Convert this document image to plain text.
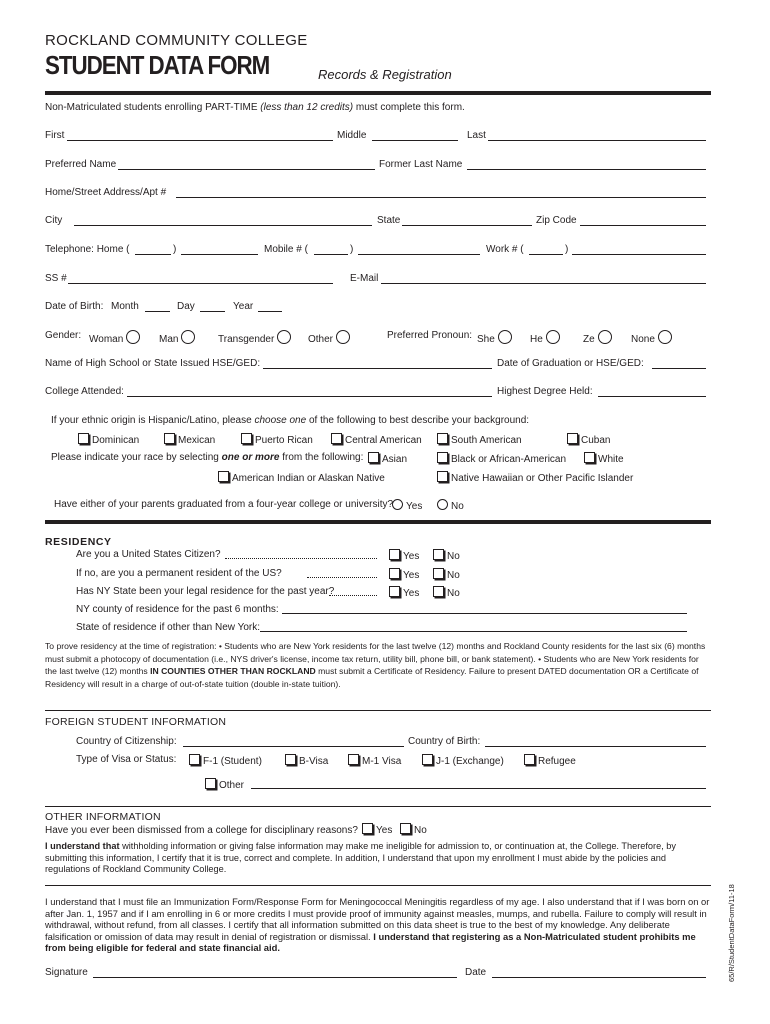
ROCKLAND COMMUNITY COLLEGE
STUDENT DATA FORM	Records & Registration
Non-Matriculated students enrolling PART-TIME (less than 12 credits) must complete this form.
First	Middle	Last
Preferred Name	Former Last Name
Home/Street Address/Apt #
City	State	Zip Code
Telephone: Home (	)	Mobile # (	)	Work # (	)
SS #	E-Mail
Date of Birth: Month	Day	Year
Gender: Woman	Man	Transgender	Other	Preferred Pronoun: She	He	Ze	None
Name of High School or State Issued HSE/GED:	Date of Graduation or HSE/GED:
College Attended:	Highest Degree Held:
If your ethnic origin is Hispanic/Latino, please choose one of the following to best describe your background:
Dominican	Mexican	Puerto Rican	Central American	South American	Cuban
Please indicate your race by selecting one or more from the following:	Asian	Black or African-American	White
American Indian or Alaskan Native	Native Hawaiian or Other Pacific Islander
Have either of your parents graduated from a four-year college or university?	Yes	No
RESIDENCY
Are you a United States Citizen?	Yes	No
If no, are you a permanent resident of the US?	Yes	No
Has NY State been your legal residence for the past year?	Yes	No
NY county of residence for the past 6 months:
State of residence if other than New York:
To prove residency at the time of registration: • Students who are New York residents for the last twelve (12) months and Rockland County residents for the last six (6) months must submit a photocopy of documentation (i.e., NYS driver's license, income tax return, utility bill, phone bill, or bank statement). • Students who are New York residents for the last twelve (12) months IN COUNTIES OTHER THAN ROCKLAND must submit a Certificate of Residency. Failure to present DATED documentation OR a Certificate of Residency will result in a charge of out-of-state tuition (double in-state tuition).
FOREIGN STUDENT INFORMATION
Country of Citizenship:	Country of Birth:
Type of Visa or Status:	F-1 (Student)	B-Visa	M-1 Visa	J-1 (Exchange)	Refugee
Other
OTHER INFORMATION
Have you ever been dismissed from a college for disciplinary reasons?	Yes	No
I understand that withholding information or giving false information may make me ineligible for admission to, or continuation at, the College. Therefore, by submitting this information, I certify that it is true, correct and complete. In addition, I understand that upon my enrollment I must abide by the policies and regulations of Rockland Community College.
I understand that I must file an Immunization Form/Response Form for Meningococcal Meningitis regardless of my age. I also understand that if I was born on or after Jan. 1, 1957 and if I am enrolling in 6 or more credits I must provide proof of immunity against measles, mumps, and rubella. Failure to comply will result in withdrawal, without refund, from all classes. I certify that all information submitted on this data sheet is true to the best of my knowledge. Any deliberate falsification or omission of data may result in denial of registration or dismissal. I understand that registering as a Non-Matriculated student prohibits me from being eligible for federal and state financial aid.
Signature	Date	65/R/StudentDataForm/11-18
